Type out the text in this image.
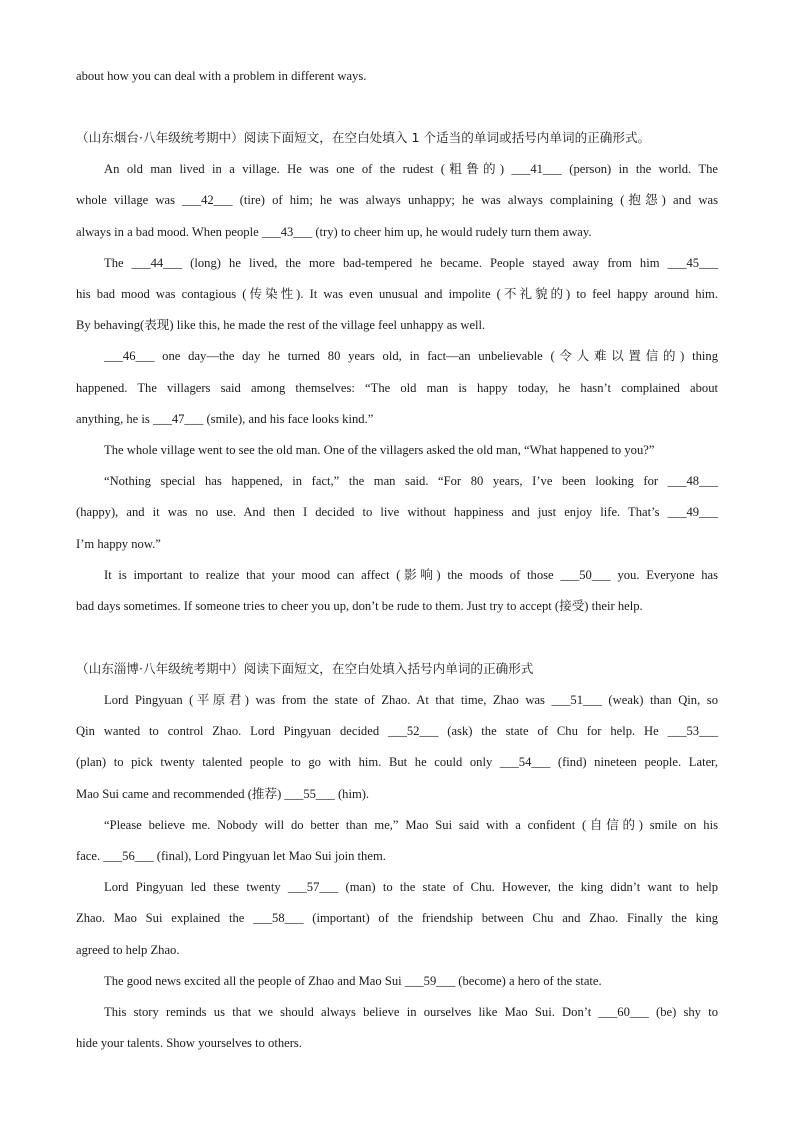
about how you can deal with a problem in different ways.
（山东烟台·八年级统考期中）阅读下面短文，在空白处填入 1 个适当的单词或括号内单词的正确形式。
An old man lived in a village. He was one of the rudest (粗鲁的) ___41___ (person) in the world. The
whole village was ___42___ (tire) of him; he was always unhappy; he was always complaining (抱怨) and was
always in a bad mood. When people ___43___ (try) to cheer him up, he would rudely turn them away.
The ___44___ (long) he lived, the more bad-tempered he became. People stayed away from him ___45___
his bad mood was contagious (传染性). It was even unusual and impolite (不礼貌的) to feel happy around him.
By behaving(表现) like this, he made the rest of the village feel unhappy as well.
___46___ one day—the day he turned 80 years old, in fact—an unbelievable (令人难以置信的) thing
happened. The villagers said among themselves: “The old man is happy today, he hasn’t complained about
anything, he is ___47___ (smile), and his face looks kind.”
The whole village went to see the old man. One of the villagers asked the old man, “What happened to you?”
“Nothing special has happened, in fact,” the man said. “For 80 years, I’ve been looking for ___48___
(happy), and it was no use. And then I decided to live without happiness and just enjoy life. That’s ___49___
I’m happy now.”
It is important to realize that your mood can affect (影响) the moods of those ___50___ you. Everyone has
bad days sometimes. If someone tries to cheer you up, don’t be rude to them. Just try to accept (接受) their help.
（山东淄博·八年级统考期中）阅读下面短文，在空白处填入括号内单词的正确形式
Lord Pingyuan (平原君) was from the state of Zhao. At that time, Zhao was ___51___ (weak) than Qin, so
Qin wanted to control Zhao. Lord Pingyuan decided ___52___ (ask) the state of Chu for help. He ___53___
(plan) to pick twenty talented people to go with him. But he could only ___54___ (find) nineteen people. Later,
Mao Sui came and recommended (推荐) ___55___ (him).
“Please believe me. Nobody will do better than me,” Mao Sui said with a confident (自信的) smile on his
face. ___56___ (final), Lord Pingyuan let Mao Sui join them.
Lord Pingyuan led these twenty ___57___ (man) to the state of Chu. However, the king didn’t want to help
Zhao. Mao Sui explained the ___58___ (important) of the friendship between Chu and Zhao. Finally the king
agreed to help Zhao.
The good news excited all the people of Zhao and Mao Sui ___59___ (become) a hero of the state.
This story reminds us that we should always believe in ourselves like Mao Sui. Don’t ___60___ (be) shy to
hide your talents. Show yourselves to others.
